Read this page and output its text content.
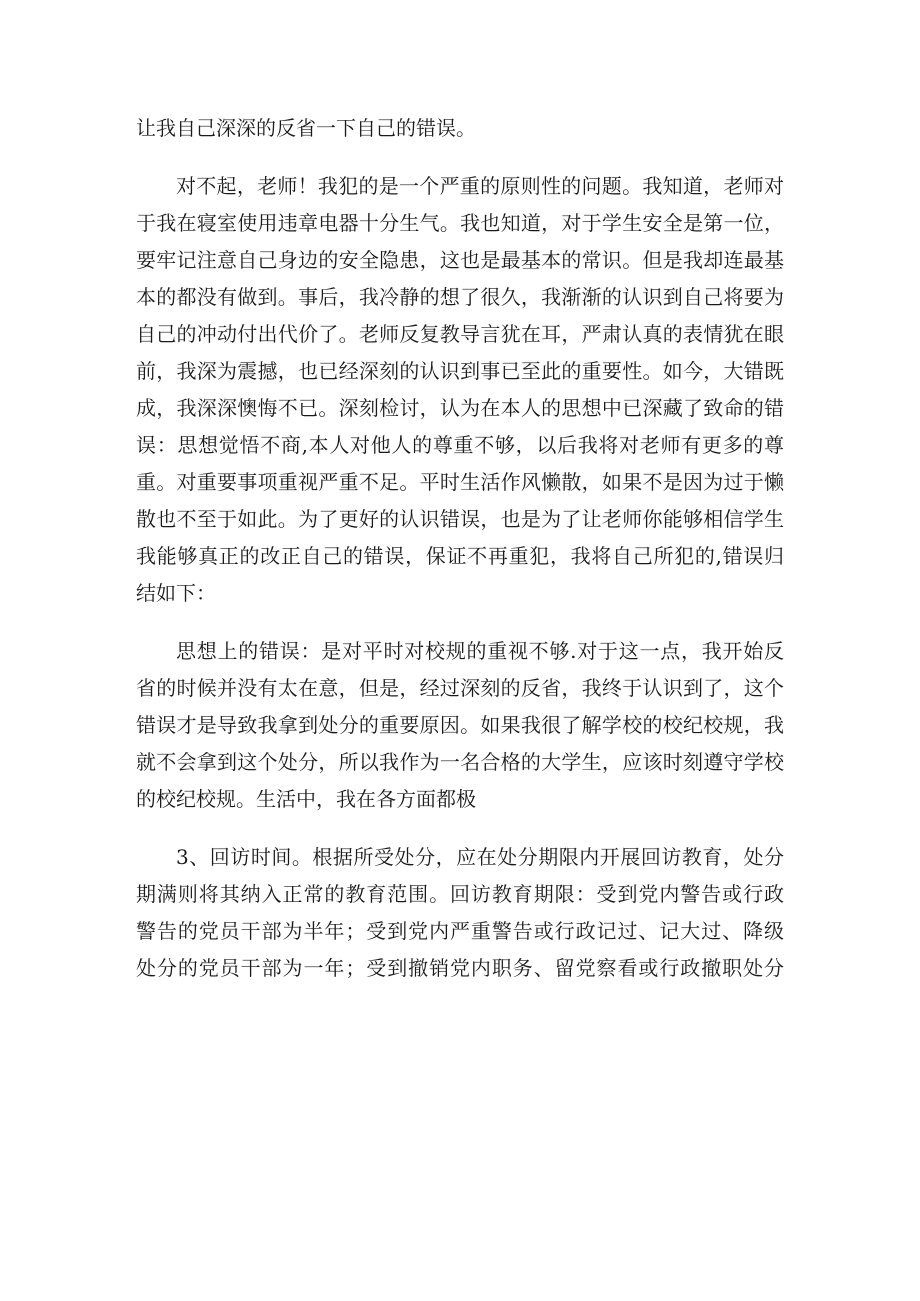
让我自己深深的反省一下自己的错误。

对不起，老师！我犯的是一个严重的原则性的问题。我知道，老师对
于我在寝室使用违章电器十分生气。我也知道，对于学生安全是第一位，
要牢记注意自己身边的安全隐患，这也是最基本的常识。但是我却连最基
本的都没有做到。事后，我冷静的想了很久，我渐渐的认识到自己将要为
自己的冲动付出代价了。老师反复教导言犹在耳，严肃认真的表情犹在眼
前，我深为震撼，也已经深刻的认识到事已至此的重要性。如今，大错既
成，我深深懊悔不已。深刻检讨，认为在本人的思想中已深藏了致命的错
误：思想觉悟不商,本人对他人的尊重不够，以后我将对老师有更多的尊
重。对重要事项重视严重不足。平时生活作风懒散，如果不是因为过于懒
散也不至于如此。为了更好的认识错误，也是为了让老师你能够相信学生
我能够真正的改正自己的错误，保证不再重犯，我将自己所犯的,错误归
结如下：

思想上的错误：是对平时对校规的重视不够.对于这一点，我开始反
省的时候并没有太在意，但是，经过深刻的反省，我终于认识到了，这个
错误才是导致我拿到处分的重要原因。如果我很了解学校的校纪校规，我
就不会拿到这个处分，所以我作为一名合格的大学生，应该时刻遵守学校
的校纪校规。生活中，我在各方面都极

3、回访时间。根据所受处分，应在处分期限内开展回访教育，处分
期满则将其纳入正常的教育范围。回访教育期限：受到党内警告或行政
警告的党员干部为半年；受到党内严重警告或行政记过、记大过、降级
处分的党员干部为一年；受到撤销党内职务、留党察看或行政撤职处分
